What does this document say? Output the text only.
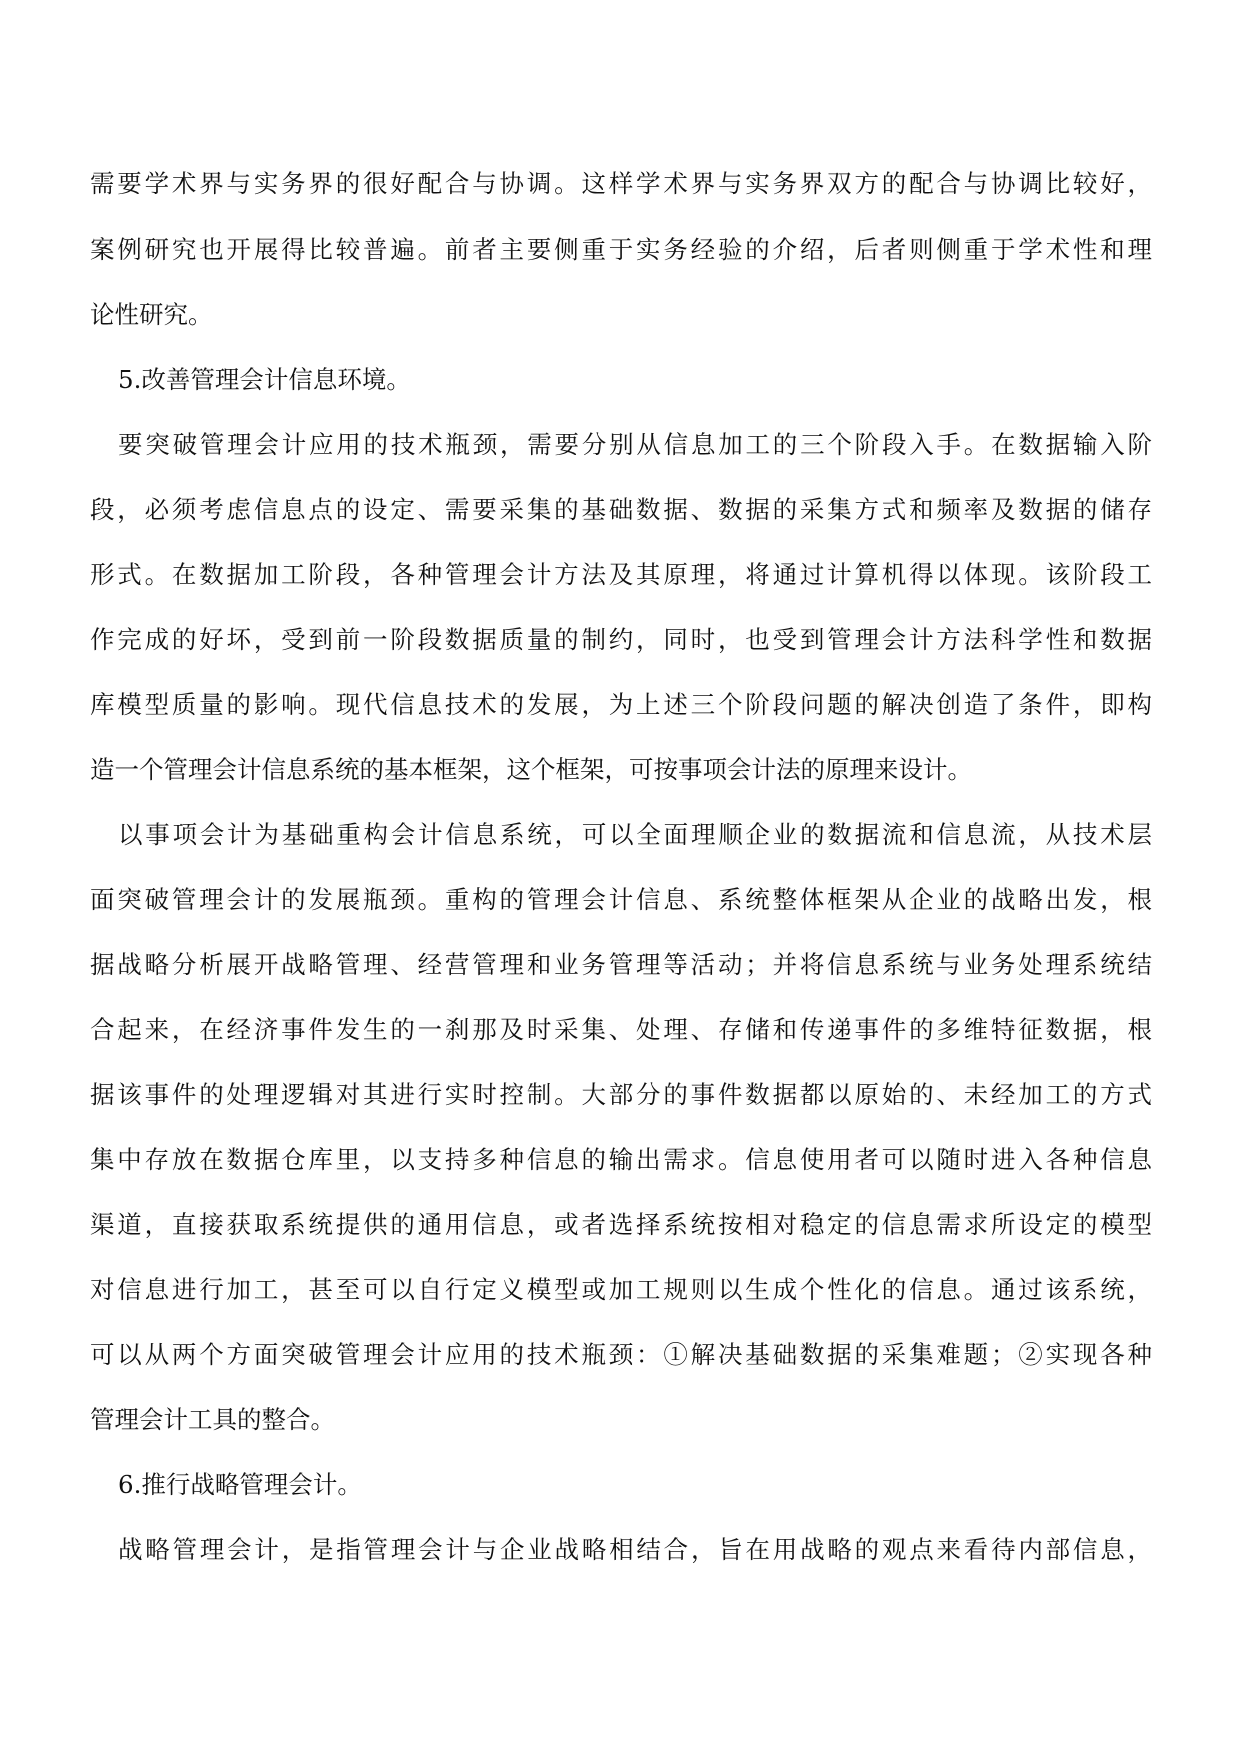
需要学术界与实务界的很好配合与协调。这样学术界与实务界双方的配合与协调比较好，

案例研究也开展得比较普遍。前者主要侧重于实务经验的介绍，后者则侧重于学术性和理

论性研究。

5.改善管理会计信息环境。

要突破管理会计应用的技术瓶颈，需要分别从信息加工的三个阶段入手。在数据输入阶

段，必须考虑信息点的设定、需要采集的基础数据、数据的采集方式和频率及数据的储存

形式。在数据加工阶段，各种管理会计方法及其原理，将通过计算机得以体现。该阶段工

作完成的好坏，受到前一阶段数据质量的制约，同时，也受到管理会计方法科学性和数据

库模型质量的影响。现代信息技术的发展，为上述三个阶段问题的解决创造了条件，即构

造一个管理会计信息系统的基本框架，这个框架，可按事项会计法的原理来设计。

以事项会计为基础重构会计信息系统，可以全面理顺企业的数据流和信息流，从技术层

面突破管理会计的发展瓶颈。重构的管理会计信息、系统整体框架从企业的战略出发，根

据战略分析展开战略管理、经营管理和业务管理等活动；并将信息系统与业务处理系统结

合起来，在经济事件发生的一刹那及时采集、处理、存储和传递事件的多维特征数据，根

据该事件的处理逻辑对其进行实时控制。大部分的事件数据都以原始的、未经加工的方式

集中存放在数据仓库里，以支持多种信息的输出需求。信息使用者可以随时进入各种信息

渠道，直接获取系统提供的通用信息，或者选择系统按相对稳定的信息需求所设定的模型

对信息进行加工，甚至可以自行定义模型或加工规则以生成个性化的信息。通过该系统，

可以从两个方面突破管理会计应用的技术瓶颈：①解决基础数据的采集难题；②实现各种

管理会计工具的整合。

6.推行战略管理会计。

战略管理会计，是指管理会计与企业战略相结合，旨在用战略的观点来看待内部信息，
